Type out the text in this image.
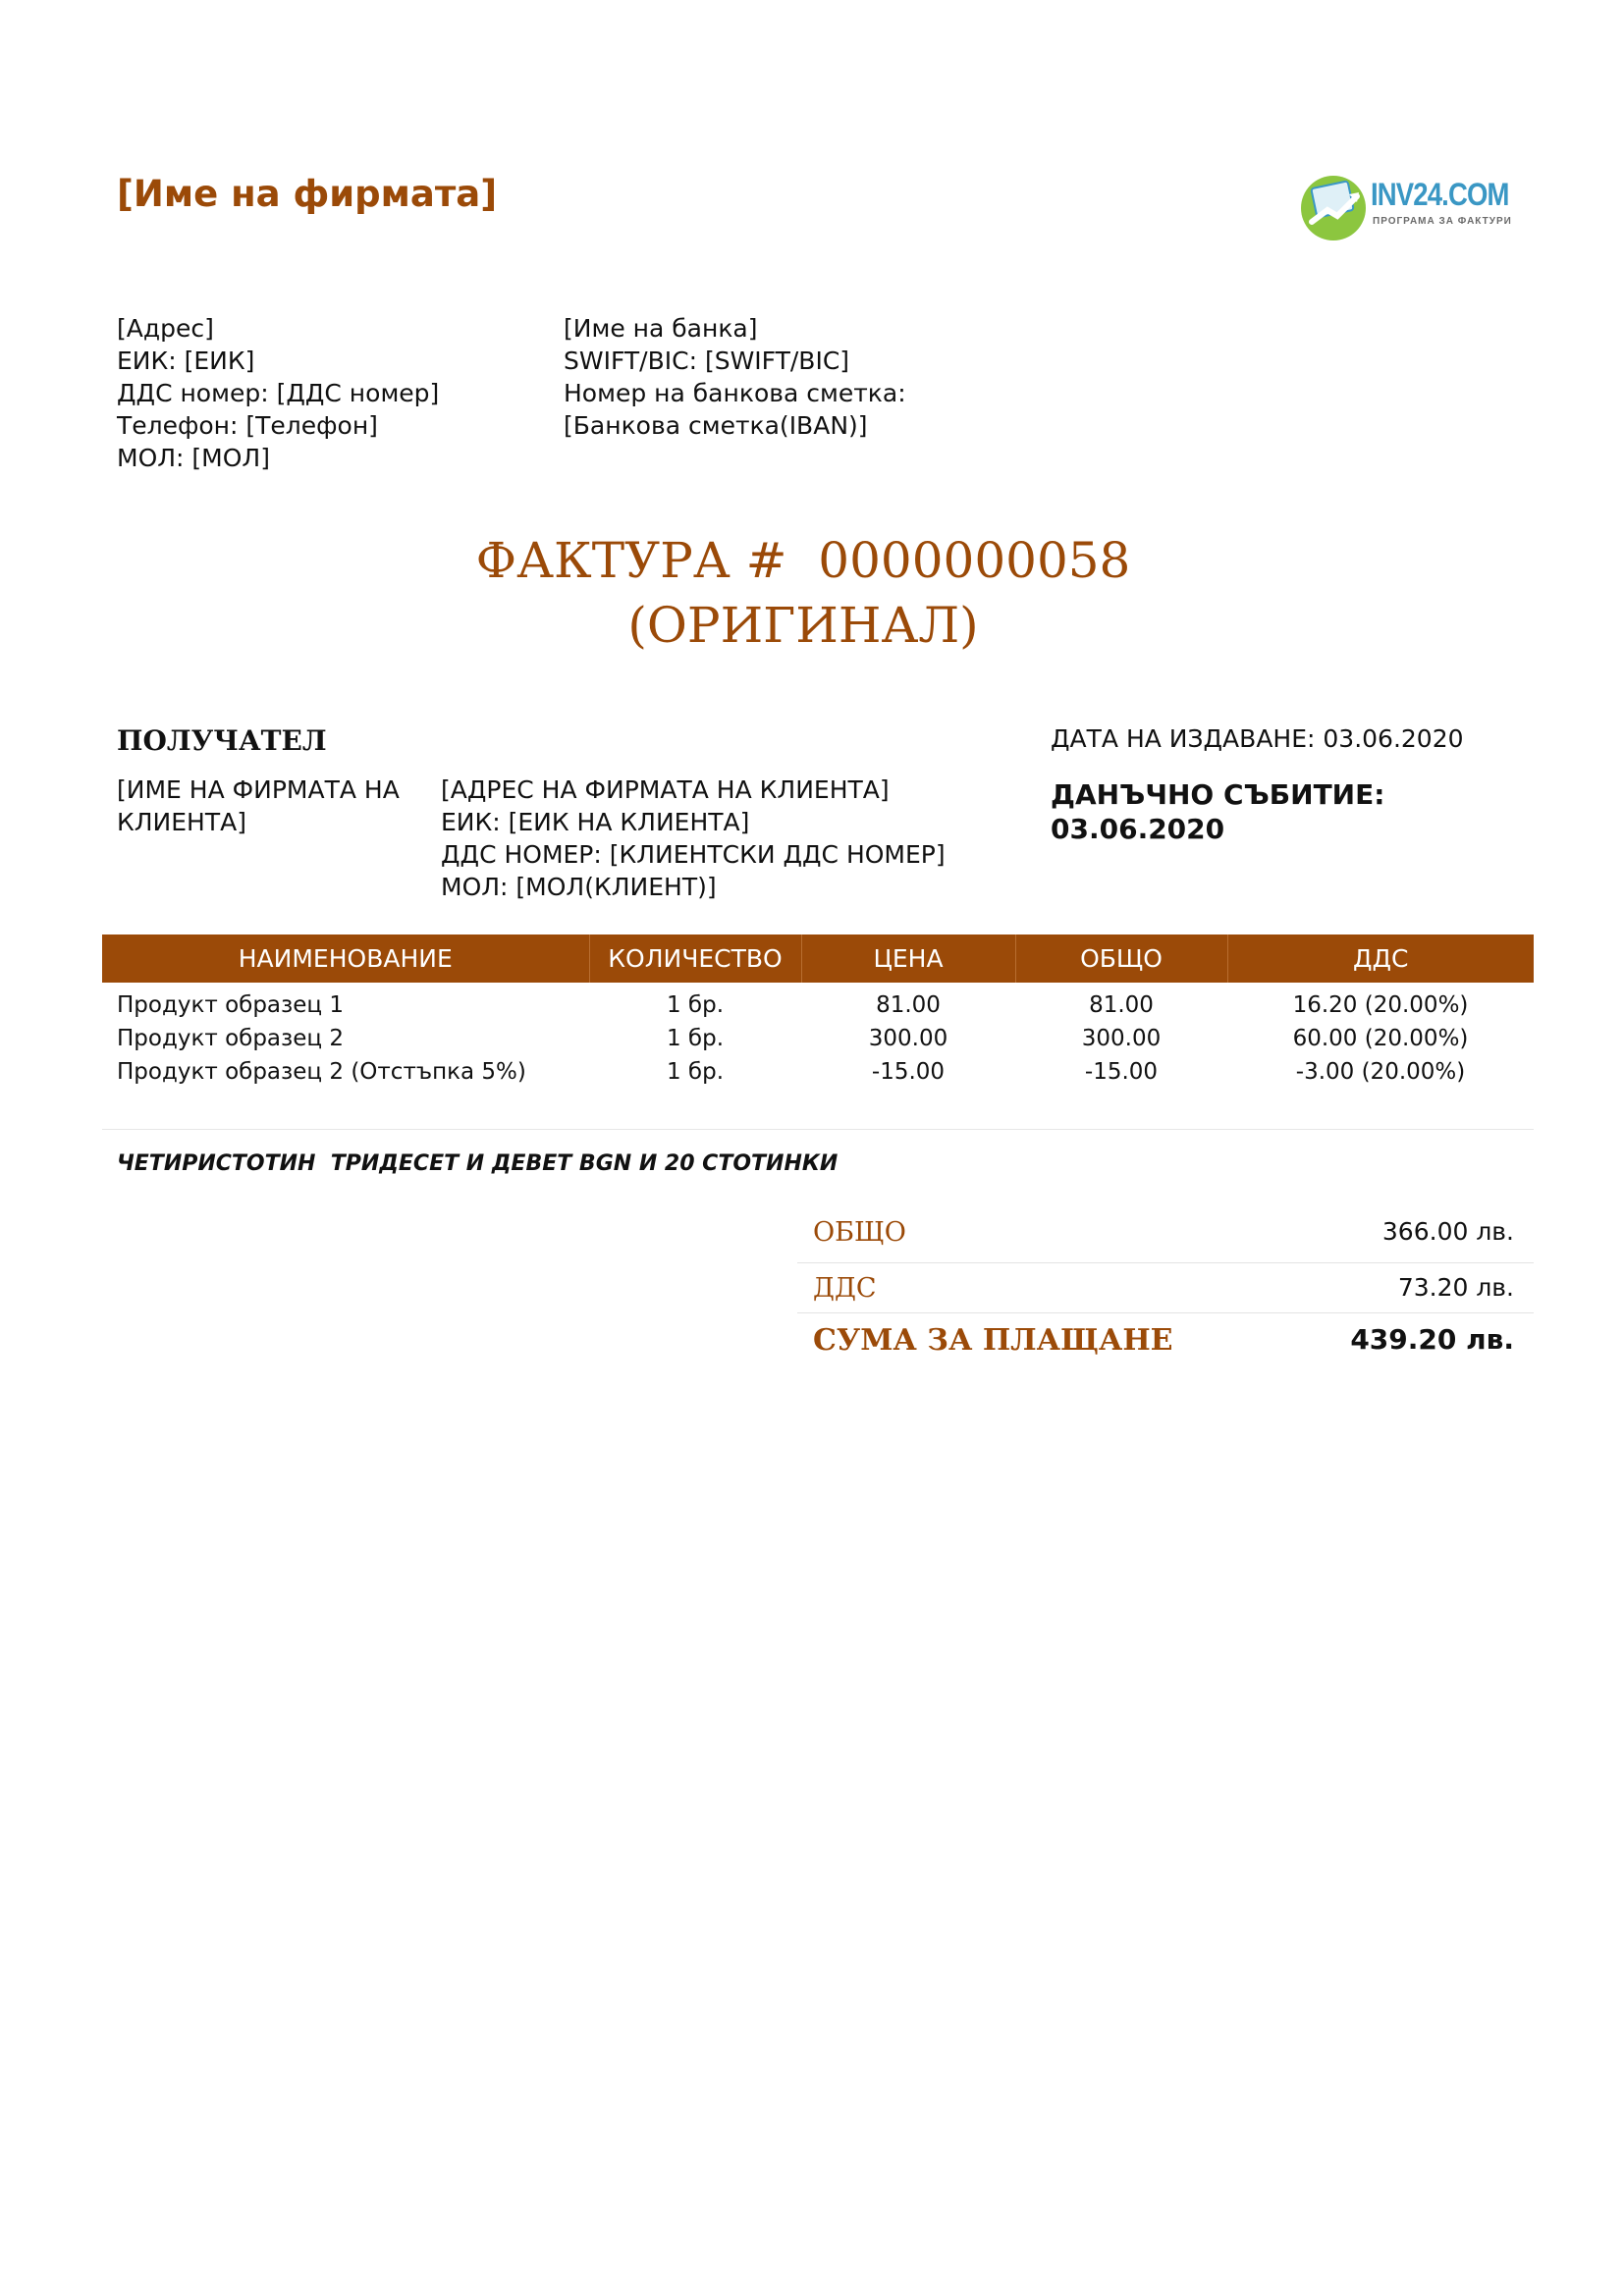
[Име на фирмата]	INV24.COM
ПРОГРАМА ЗА ФАКТУРИ
[Адрес]
ЕИК: [ЕИК]
ДДС номер: [ДДС номер]
Телефон: [Телефон]
МОЛ: [МОЛ]
[Име на банка]
SWIFT/BIC: [SWIFT/BIC]
Номер на банкова сметка:
[Банкова сметка(IBAN)]
ФАКТУРА #  0000000058
(ОРИГИНАЛ)
ПОЛУЧАТЕЛ
[ИМЕ НА ФИРМАТА НА КЛИЕНТА]
[АДРЕС НА ФИРМАТА НА КЛИЕНТА]
ЕИК: [ЕИК НА КЛИЕНТА]
ДДС НОМЕР: [КЛИЕНТСКИ ДДС НОМЕР]
МОЛ: [МОЛ(КЛИЕНТ)]
ДАТА НА ИЗДАВАНЕ: 03.06.2020
ДАНЪЧНО СЪБИТИЕ:
03.06.2020
НАИМЕНОВАНИЕ	КОЛИЧЕСТВО	ЦЕНА	ОБЩО	ДДС
Продукт образец 1	1 бр.	81.00	81.00	16.20 (20.00%)
Продукт образец 2	1 бр.	300.00	300.00	60.00 (20.00%)
Продукт образец 2 (Отстъпка 5%)	1 бр.	-15.00	-15.00	-3.00 (20.00%)
ЧЕТИРИСТОТИН  ТРИДЕСЕТ И ДЕВЕТ BGN И 20 СТОТИНКИ
ОБЩО	366.00 лв.
ДДС	73.20 лв.
СУМА ЗА ПЛАЩАНЕ	439.20 лв.
